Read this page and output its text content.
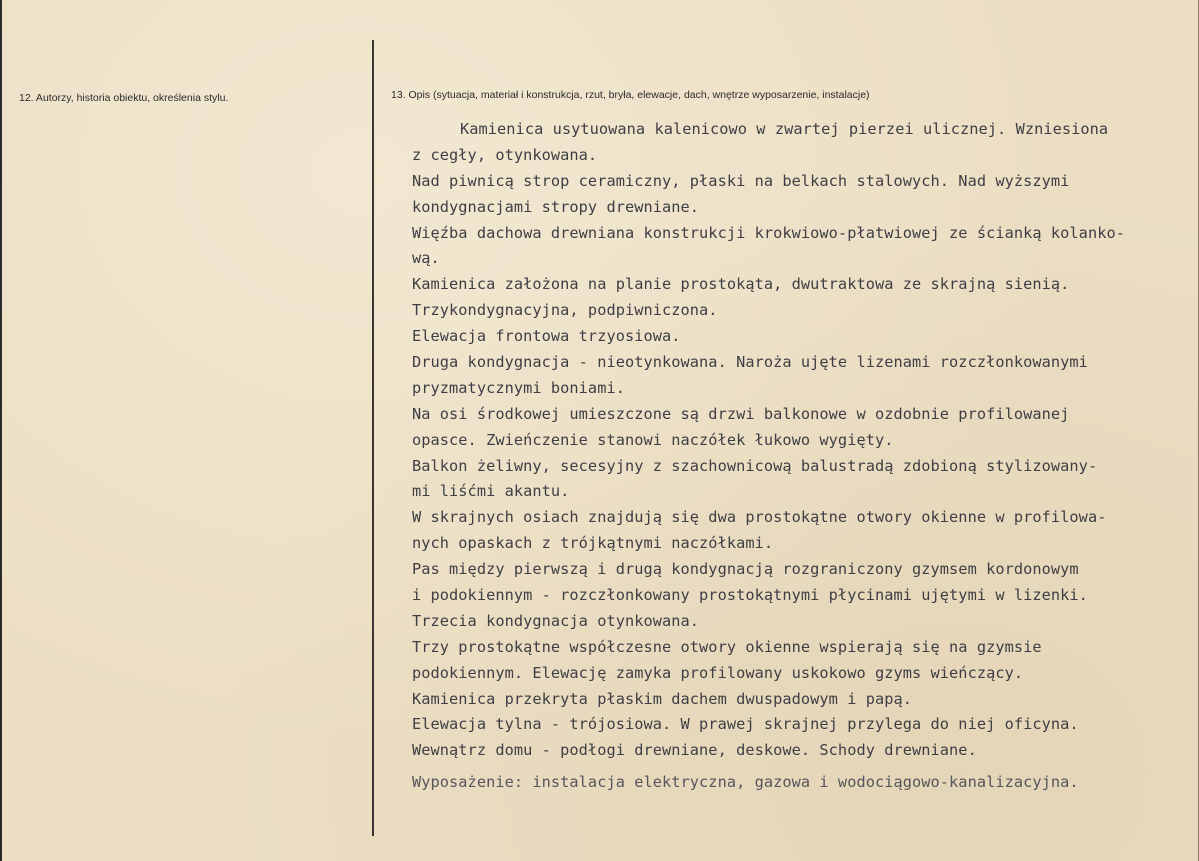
12. Autorzy, historia obiektu, określenia stylu.	13. Opis (sytuacja, materiał i konstrukcja, rzut, bryła, elewacje, dach, wnętrze wyposarzenie, instalacje)
Kamienica usytuowana kalenicowo w zwartej pierzei ulicznej. Wzniesiona
z cegły, otynkowana.
Nad piwnicą strop ceramiczny, płaski na belkach stalowych. Nad wyższymi
kondygnacjami stropy drewniane.
Więźba dachowa drewniana konstrukcji krokwiowo-płatwiowej ze ścianką kolanko-
wą.
Kamienica założona na planie prostokąta, dwutraktowa ze skrajną sienią.
Trzykondygnacyjna, podpiwniczona.
Elewacja frontowa trzyosiowa.
Druga kondygnacja - nieotynkowana. Naroża ujęte lizenami rozczłonkowanymi
pryzmatycznymi boniami.
Na osi środkowej umieszczone są drzwi balkonowe w ozdobnie profilowanej
opasce. Zwieńczenie stanowi naczółek łukowo wygięty.
Balkon żeliwny, secesyjny z szachownicową balustradą zdobioną stylizowany-
mi liśćmi akantu.
W skrajnych osiach znajdują się dwa prostokątne otwory okienne w profilowa-
nych opaskach z trójkątnymi naczółkami.
Pas między pierwszą i drugą kondygnacją rozgraniczony gzymsem kordonowym
i podokiennym - rozczłonkowany prostokątnymi płycinami ujętymi w lizenki.
Trzecia kondygnacja otynkowana.
Trzy prostokątne współczesne otwory okienne wspierają się na gzymsie
podokiennym. Elewację zamyka profilowany uskokowo gzyms wieńczący.
Kamienica przekryta płaskim dachem dwuspadowym i papą.
Elewacja tylna - trójosiowa. W prawej skrajnej przylega do niej oficyna.
Wewnątrz domu - podłogi drewniane, deskowe. Schody drewniane.
Wyposażenie: instalacja elektryczna, gazowa i wodociągowo-kanalizacyjna.
